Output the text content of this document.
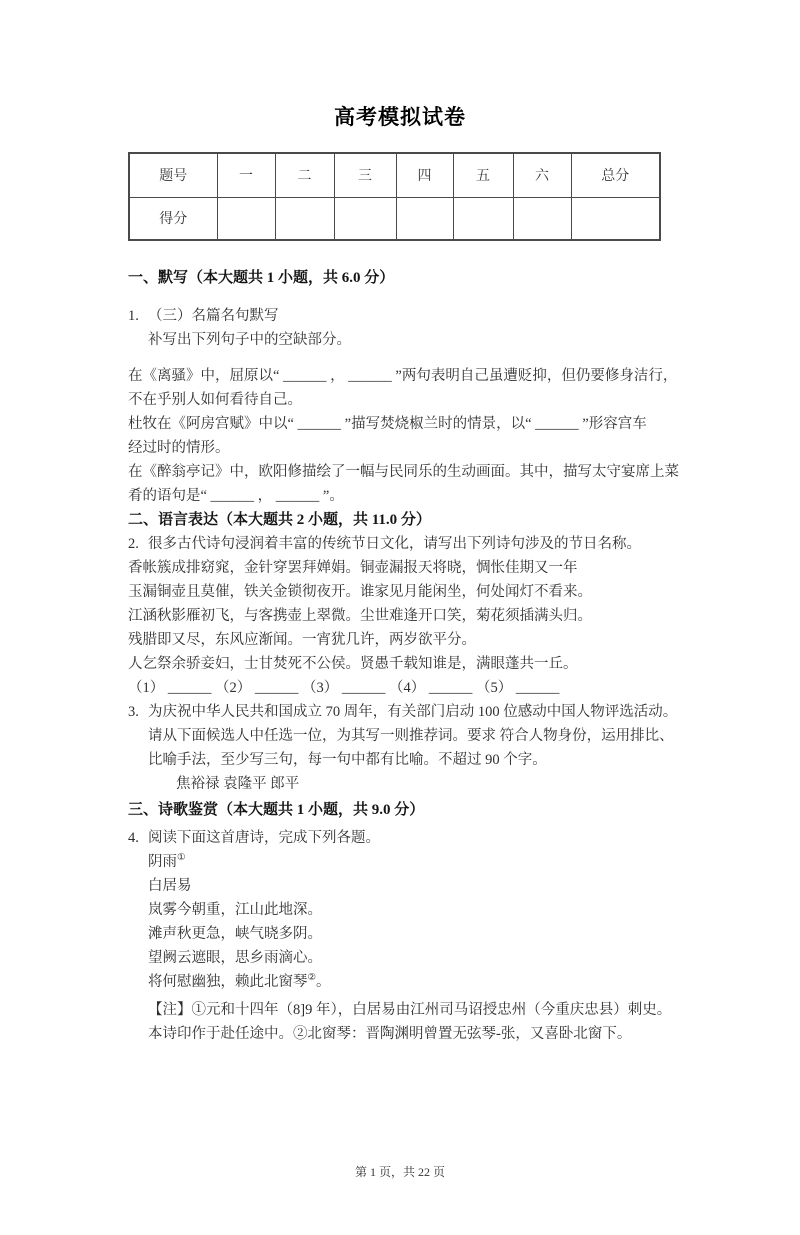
高考模拟试卷
题号	一	二	三	四	五	六	总分
得分							
一、默写（本大题共 1 小题，共 6.0 分）
1. （三）名篇名句默写
补写出下列句子中的空缺部分。
在《离骚》中，屈原以“ ______ ， ______ ”两句表明自己虽遭贬抑，但仍要修身洁行，
不在乎别人如何看待自己。
杜牧在《阿房宫赋》中以“ ______ ”描写焚烧椒兰时的情景，以“ ______ ”形容宫车
经过时的情形。
在《醉翁亭记》中，欧阳修描绘了一幅与民同乐的生动画面。其中，描写太守宴席上菜
肴的语句是“ ______ ， ______ ”。
二、语言表达（本大题共 2 小题，共 11.0 分）
2. 很多古代诗句浸润着丰富的传统节日文化，请写出下列诗句涉及的节日名称。
香帐簇成排窈窕，金针穿罢拜婵娟。铜壶漏报天将晓，惆怅佳期又一年
玉漏铜壶且莫催，铁关金锁彻夜开。谁家见月能闲坐，何处闻灯不看来。
江涵秋影雁初飞，与客携壶上翠微。尘世难逢开口笑，菊花须插满头归。
残腊即又尽，东风应渐闻。一宵犹几许，两岁欲平分。
人乞祭余骄妾妇，士甘焚死不公侯。贤愚千载知谁是，满眼蓬共一丘。
（1） ______ （2） ______ （3） ______ （4） ______ （5） ______
3. 为庆祝中华人民共和国成立 70 周年，有关部门启动 100 位感动中国人物评选活动。
请从下面候选人中任选一位，为其写一则推荐词。要求 符合人物身份，运用排比、
比喻手法，至少写三句，每一句中都有比喻。不超过 90 个字。
焦裕禄 袁隆平 郎平
三、诗歌鉴赏（本大题共 1 小题，共 9.0 分）
4. 阅读下面这首唐诗，完成下列各题。
阴雨①
白居易
岚雾今朝重，江山此地深。
滩声秋更急，峡气晓多阴。
望阙云遮眼，思乡雨滴心。
将何慰幽独，赖此北窗琴②。
【注】①元和十四年（8]9 年），白居易由江州司马诏授忠州（今重庆忠县）刺史。
本诗印作于赴任途中。②北窗琴：晋陶渊明曾置无弦琴-张，又喜卧北窗下。
第 1 页，共 22 页
